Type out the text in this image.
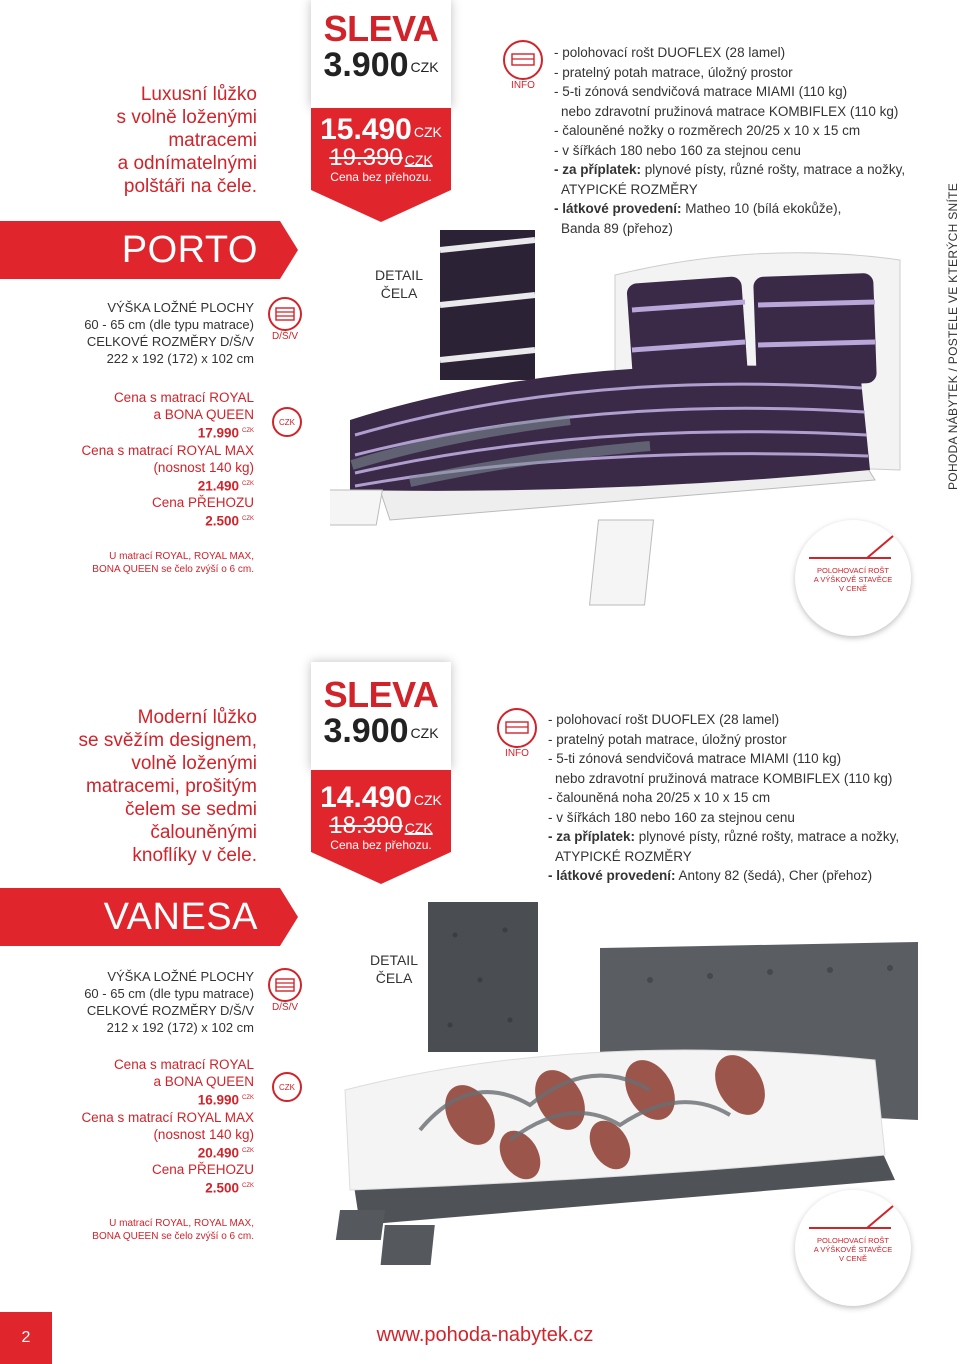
Luxusní lůžko
s volně loženými
matracemi
a odnímatelnými
polštáři na čele.
PORTO
VÝŠKA LOŽNÉ PLOCHY
60 - 65 cm (dle typu matrace)
CELKOVÉ ROZMĚRY D/Š/V
222 x 192 (172) x 102 cm
D/Š/V
Cena s matrací ROYAL
a BONA QUEEN
17.990 $^{CZK}$
Cena s matrací ROYAL MAX
(nosnost 140 kg)
21.490 $^{CZK}$
Cena PŘEHOZU
2.500 $^{CZK}$
CZK
U matrací ROYAL, ROYAL MAX,
BONA QUEEN se čelo zvýší o 6 cm.
SLEVA
3.900 $^{CZK}$
15.490 $^{CZK}$
19.390 $^{CZK}$
Cena bez přehozu.
INFO
- polohovací rošt DUOFLEX (28 lamel)
- pratelný potah matrace, úložný prostor
- 5-ti zónová sendvičová matrace MIAMI (110 kg)
nebo zdravotní pružinová matrace KOMBIFLEX (110 kg)
- čalouněné nožky o rozměrech 20/25 x 10 x 15 cm
- v šířkách 180 nebo 160 za stejnou cenu
- za příplatek: plynové písty, různé rošty, matrace a nožky,
ATYPICKÉ ROZMĚRY
- látkové provedení: Matheo 10 (bílá ekokůže),
Banda 89 (přehoz)
DETAIL
ČELA
POLOHOVACÍ ROŠT
A VÝŠKOVĚ STAVĚCE
V CENĚ
POHODA NÁBYTEK / POSTELE VE KTERÝCH SNÍTE
Moderní lůžko
se svěžím designem,
volně loženými
matracemi, prošitým
čelem se sedmi
čalouněnými
knoflíky v čele.
VANESA
VÝŠKA LOŽNÉ PLOCHY
60 - 65 cm (dle typu matrace)
CELKOVÉ ROZMĚRY D/Š/V
212 x 192 (172) x 102 cm
D/Š/V
Cena s matrací ROYAL
a BONA QUEEN
16.990 $^{CZK}$
Cena s matrací ROYAL MAX
(nosnost 140 kg)
20.490 $^{CZK}$
Cena PŘEHOZU
2.500 $^{CZK}$
CZK
U matrací ROYAL, ROYAL MAX,
BONA QUEEN se čelo zvýší o 6 cm.
SLEVA
3.900 $^{CZK}$
14.490 $^{CZK}$
18.390 $^{CZK}$
Cena bez přehozu.
INFO
- polohovací rošt DUOFLEX (28 lamel)
- pratelný potah matrace, úložný prostor
- 5-ti zónová sendvičová matrace MIAMI (110 kg)
nebo zdravotní pružinová matrace KOMBIFLEX (110 kg)
- čalouněná noha 20/25 x 10 x 15 cm
- v šířkách 180 nebo 160 za stejnou cenu
- za příplatek: plynové písty, různé rošty, matrace a nožky,
ATYPICKÉ ROZMĚRY
- látkové provedení: Antony 82 (šedá), Cher (přehoz)
DETAIL
ČELA
POLOHOVACÍ ROŠT
A VÝŠKOVĚ STAVĚCE
V CENĚ
2	www.pohoda-nabytek.cz
